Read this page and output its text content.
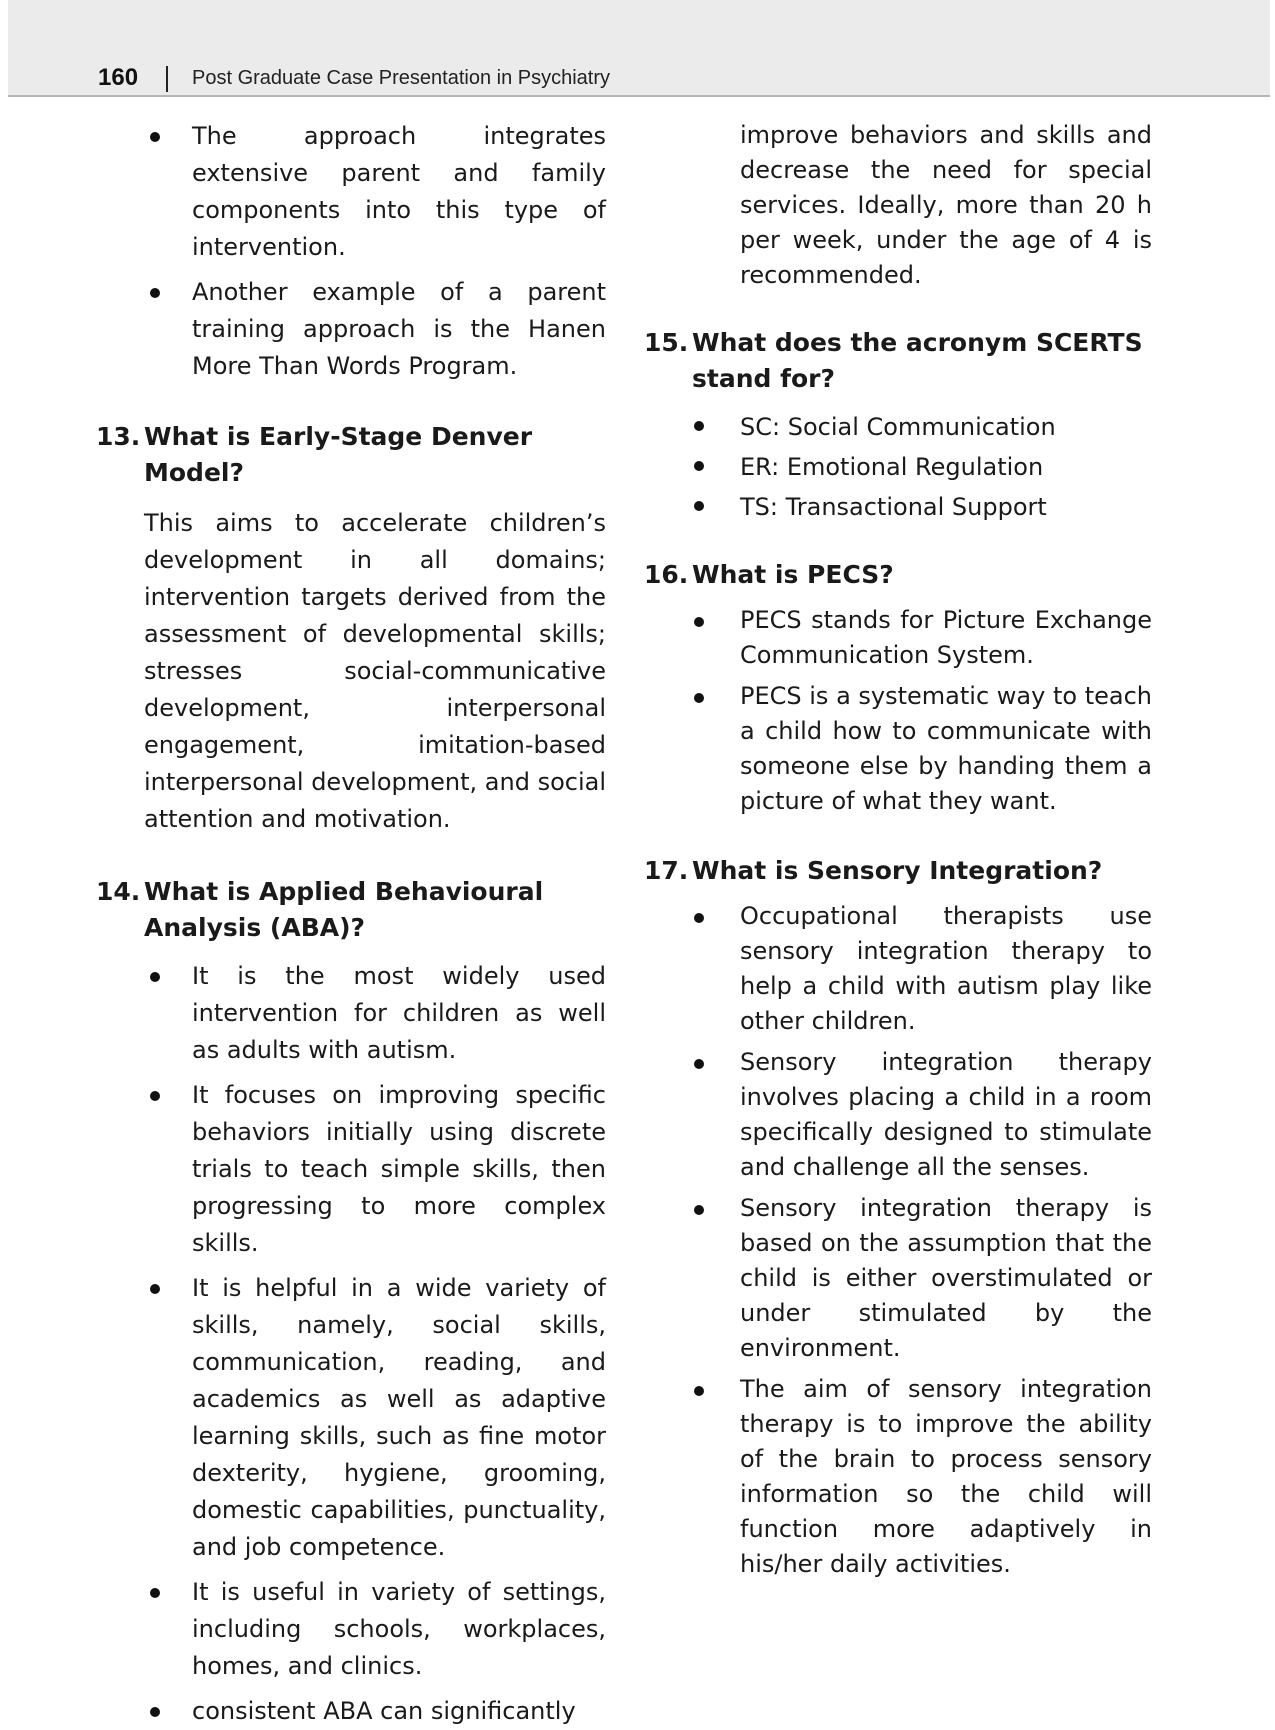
160	Post Graduate Case Presentation in Psychiatry
The approach integrates extensive parent and family components into this type of intervention.
Another example of a parent training approach is the Hanen More Than Words Program.
13. What is Early-Stage Denver Model?

This aims to accelerate children’s development in all domains; intervention targets derived from the assessment of developmental skills; stresses social-communicative development, interpersonal engagement, imitation-based interpersonal development, and social attention and motivation.

14. What is Applied Behavioural Analysis (ABA)?
It is the most widely used intervention for children as well as adults with autism.
It focuses on improving specific behaviors initially using discrete trials to teach simple skills, then progressing to more complex skills.
It is helpful in a wide variety of skills, namely, social skills, communication, reading, and academics as well as adaptive learning skills, such as fine motor dexterity, hygiene, grooming, domestic capabilities, punctuality, and job competence.
It is useful in variety of settings, including schools, workplaces, homes, and clinics.
consistent ABA can significantly

improve behaviors and skills and decrease the need for special services. Ideally, more than 20 h per week, under the age of 4 is recommended.

15. What does the acronym SCERTS stand for?
SC: Social Communication
ER: Emotional Regulation
TS: Transactional Support
16. What is PECS?
PECS stands for Picture Exchange Communication System.
PECS is a systematic way to teach a child how to communicate with someone else by handing them a picture of what they want.
17. What is Sensory Integration?
Occupational therapists use sensory integration therapy to help a child with autism play like other children.
Sensory integration therapy involves placing a child in a room specifically designed to stimulate and challenge all the senses.
Sensory integration therapy is based on the assumption that the child is either overstimulated or under stimulated by the environment.
The aim of sensory integration therapy is to improve the ability of the brain to process sensory information so the child will function more adaptively in his/her daily activities.
